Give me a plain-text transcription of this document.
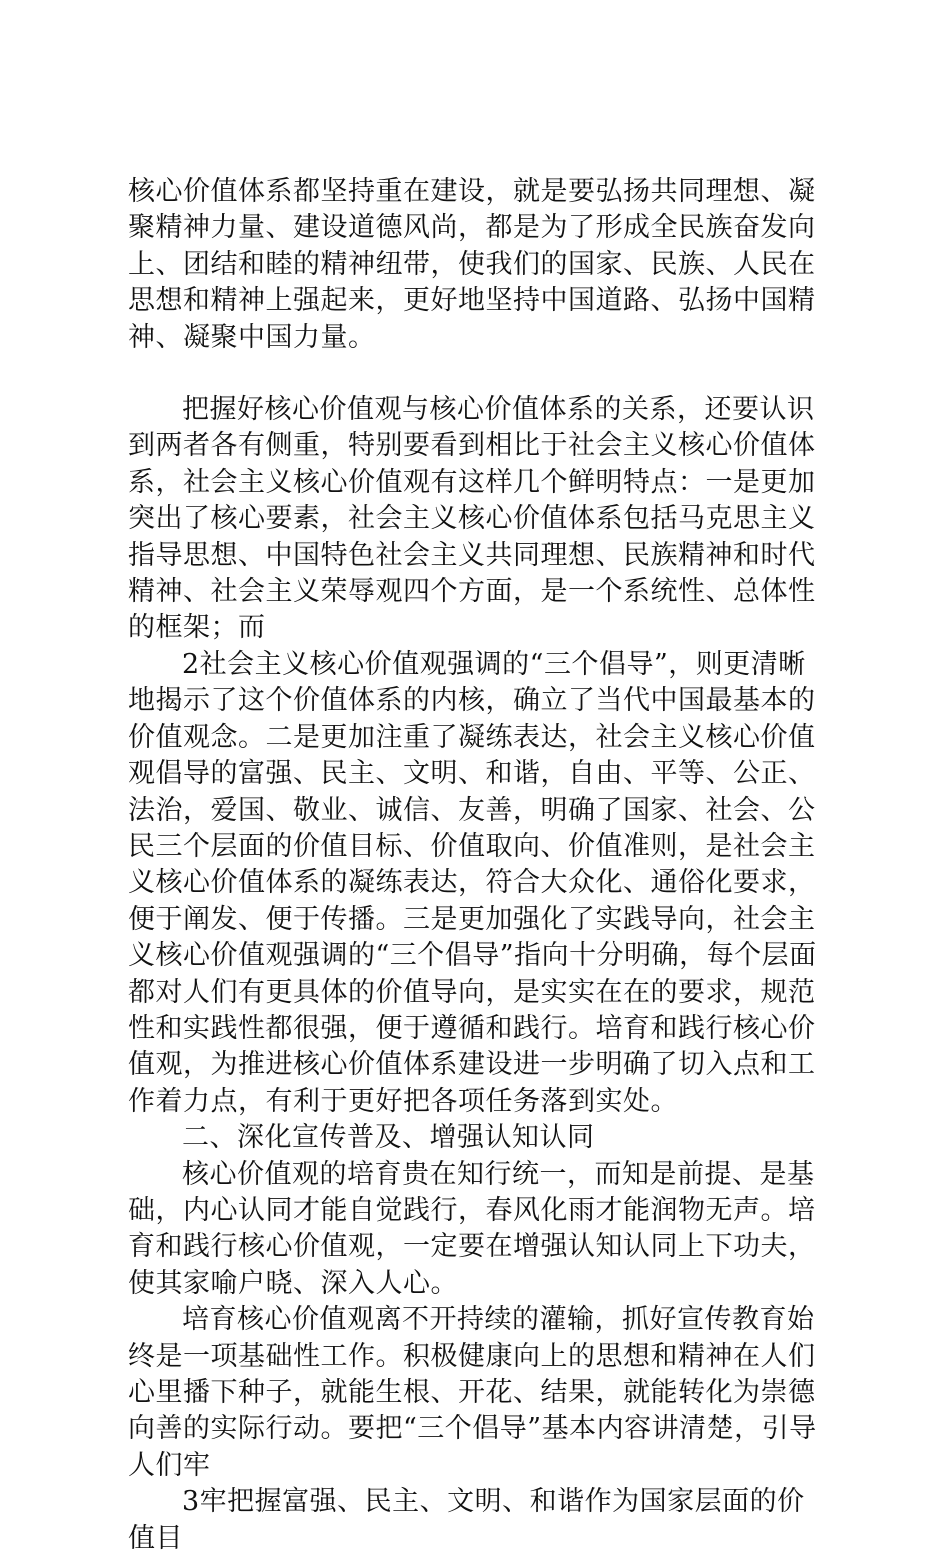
核心价值体系都坚持重在建设，就是要弘扬共同理想、凝聚精神力量、建设道德风尚，都是为了形成全民族奋发向上、团结和睦的精神纽带，使我们的国家、民族、人民在思想和精神上强起来，更好地坚持中国道路、弘扬中国精神、凝聚中国力量。

把握好核心价值观与核心价值体系的关系，还要认识到两者各有侧重，特别要看到相比于社会主义核心价值体系，社会主义核心价值观有这样几个鲜明特点：一是更加突出了核心要素，社会主义核心价值体系包括马克思主义指导思想、中国特色社会主义共同理想、民族精神和时代精神、社会主义荣辱观四个方面，是一个系统性、总体性的框架；而

2社会主义核心价值观强调的“三个倡导”，则更清晰地揭示了这个价值体系的内核，确立了当代中国最基本的价值观念。二是更加注重了凝练表达，社会主义核心价值观倡导的富强、民主、文明、和谐，自由、平等、公正、法治，爱国、敬业、诚信、友善，明确了国家、社会、公民三个层面的价值目标、价值取向、价值准则，是社会主义核心价值体系的凝练表达，符合大众化、通俗化要求，便于阐发、便于传播。三是更加强化了实践导向，社会主义核心价值观强调的“三个倡导”指向十分明确，每个层面都对人们有更具体的价值导向，是实实在在的要求，规范性和实践性都很强，便于遵循和践行。培育和践行核心价值观，为推进核心价值体系建设进一步明确了切入点和工作着力点，有利于更好把各项任务落到实处。

二、深化宣传普及、增强认知认同

核心价值观的培育贵在知行统一，而知是前提、是基础，内心认同才能自觉践行，春风化雨才能润物无声。培育和践行核心价值观，一定要在增强认知认同上下功夫，使其家喻户晓、深入人心。

培育核心价值观离不开持续的灌输，抓好宣传教育始终是一项基础性工作。积极健康向上的思想和精神在人们心里播下种子，就能生根、开花、结果，就能转化为崇德向善的实际行动。要把“三个倡导”基本内容讲清楚，引导人们牢

3牢把握富强、民主、文明、和谐作为国家层面的价值目
